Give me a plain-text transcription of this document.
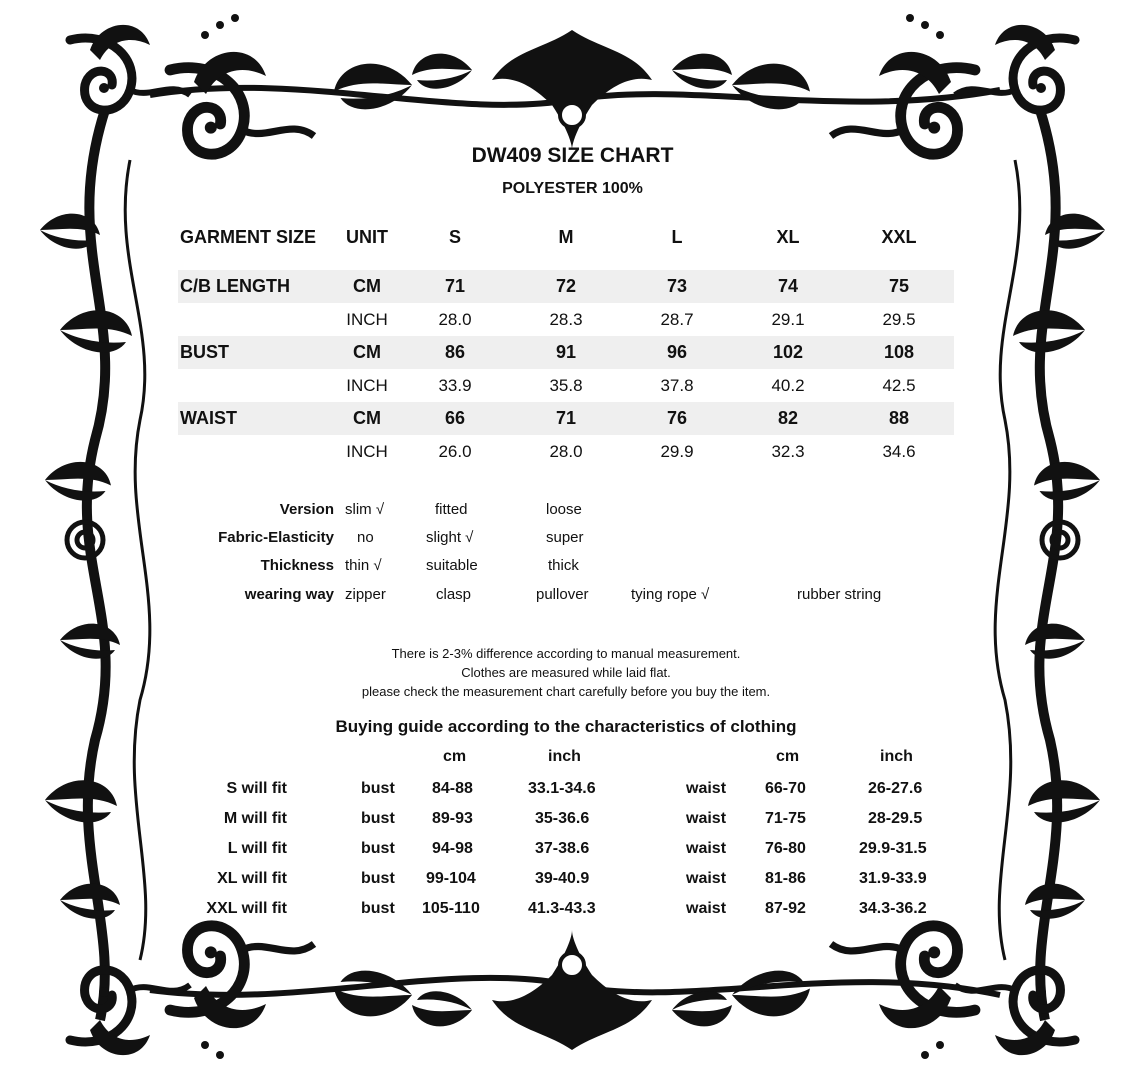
DW409 SIZE CHART
POLYESTER 100%
GARMENT SIZE	UNIT	S	M	L	XL	XXL
C/B LENGTH	CM	71	72	73	74	75
INCH	28.0	28.3	28.7	29.1	29.5
BUST	CM	86	91	96	102	108
INCH	33.9	35.8	37.8	40.2	42.5
WAIST	CM	66	71	76	82	88
INCH	26.0	28.0	29.9	32.3	34.6
Version slim √	fitted	loose
Fabric-Elasticity no	slight √	super
Thickness thin √	suitable	thick
wearing way zipper	clasp	pullover	tying rope √	rubber string
There is 2-3% difference according to manual measurement.
Clothes are measured while laid flat.
please check the measurement chart carefully before you buy the item.
Buying guide according to the characteristics of clothing
cm	inch	cm	inch
S will fit	bust 84-88	33.1-34.6	waist 66-70	26-27.6
M will fit	bust 89-93	35-36.6	waist 71-75	28-29.5
L will fit	bust 94-98	37-38.6	waist 76-80	29.9-31.5
XL will fit	bust 99-104	39-40.9	waist 81-86	31.9-33.9
XXL will fit	bust 105-110	41.3-43.3	waist 87-92	34.3-36.2
